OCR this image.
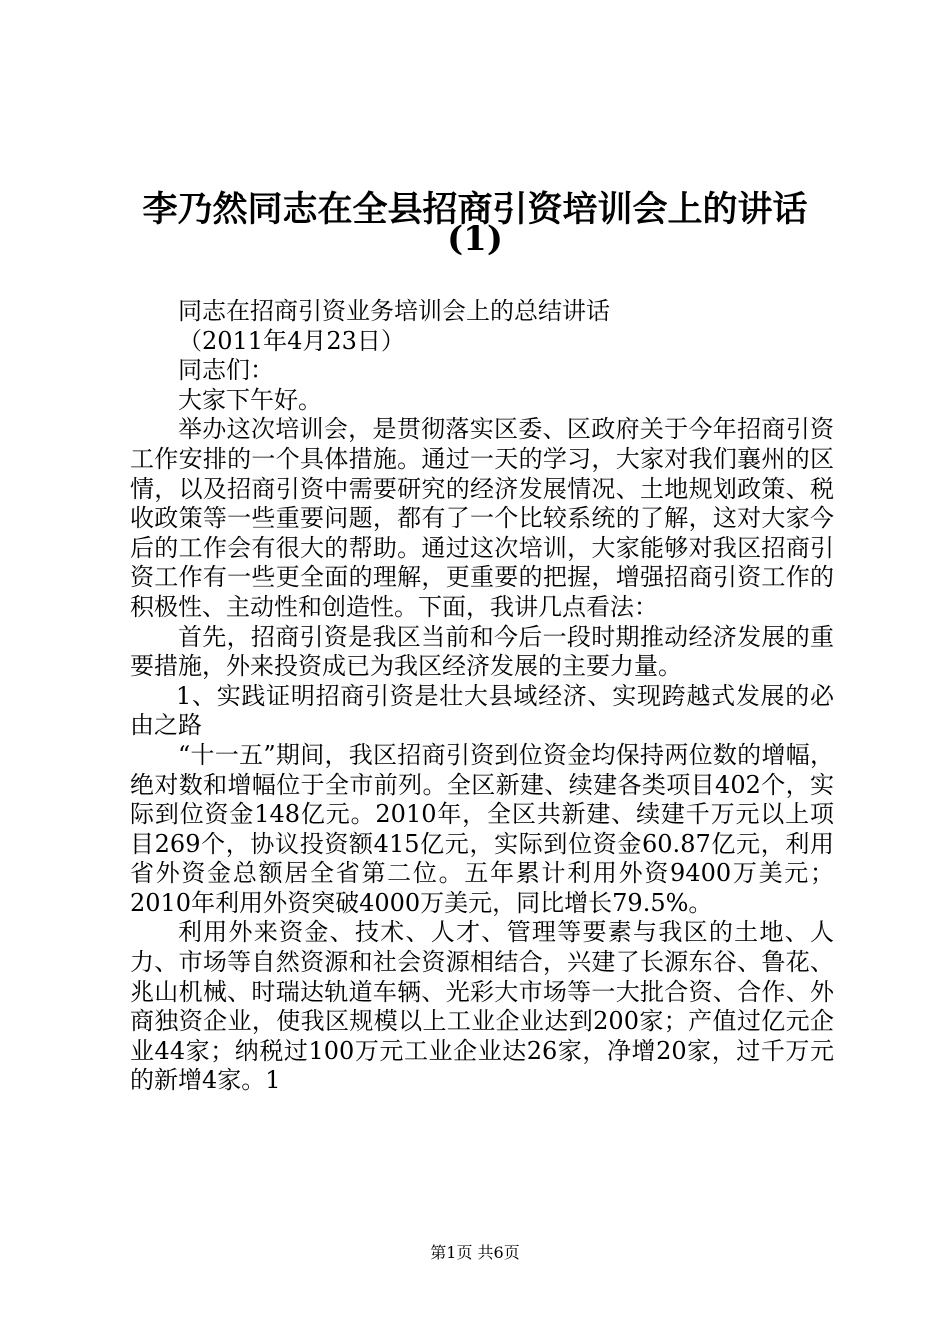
李乃然同志在全县招商引资培训会上的讲话
(1)

同志在招商引资业务培训会上的总结讲话

（2011年4月23日）

同志们：

大家下午好。

举办这次培训会，是贯彻落实区委、区政府关于今年招商引资工作安排的一个具体措施。通过一天的学习，大家对我们襄州的区情，以及招商引资中需要研究的经济发展情况、土地规划政策、税收政策等一些重要问题，都有了一个比较系统的了解，这对大家今后的工作会有很大的帮助。通过这次培训，大家能够对我区招商引资工作有一些更全面的理解，更重要的把握，增强招商引资工作的积极性、主动性和创造性。下面，我讲几点看法：

首先，招商引资是我区当前和今后一段时期推动经济发展的重要措施，外来投资成已为我区经济发展的主要力量。

1、实践证明招商引资是壮大县域经济、实现跨越式发展的必由之路

“十一五”期间，我区招商引资到位资金均保持两位数的增幅，绝对数和增幅位于全市前列。全区新建、续建各类项目402个，实际到位资金148亿元。2010年，全区共新建、续建千万元以上项目269个，协议投资额415亿元，实际到位资金60.87亿元，利用省外资金总额居全省第二位。五年累计利用外资9400万美元；2010年利用外资突破4000万美元，同比增长79.5%。

利用外来资金、技术、人才、管理等要素与我区的土地、人力、市场等自然资源和社会资源相结合，兴建了长源东谷、鲁花、兆山机械、时瑞达轨道车辆、光彩大市场等一大批合资、合作、外商独资企业，使我区规模以上工业企业达到200家；产值过亿元企业44家；纳税过100万元工业企业达26家，净增20家，过千万元的新增4家。1

第1页 共6页
